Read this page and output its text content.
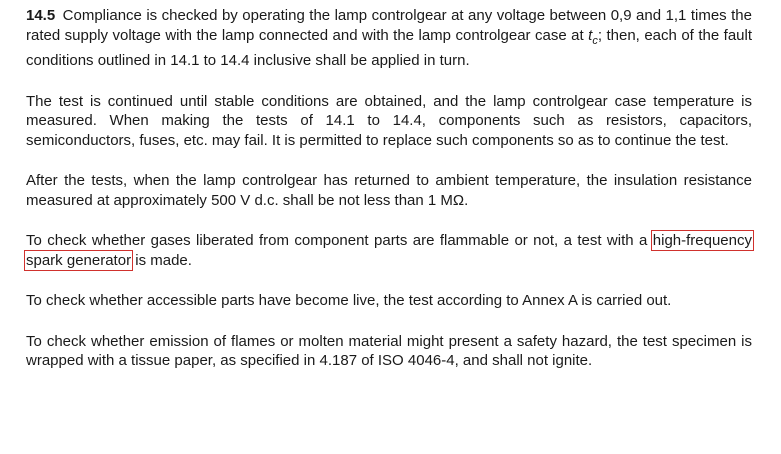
14.5 Compliance is checked by operating the lamp controlgear at any voltage between 0,9 and 1,1 times the rated supply voltage with the lamp connected and with the lamp controlgear case at $t_c$; then, each of the fault conditions outlined in 14.1 to 14.4 inclusive shall be applied in turn.

The test is continued until stable conditions are obtained, and the lamp controlgear case temperature is measured. When making the tests of 14.1 to 14.4, components such as resistors, capacitors, semiconductors, fuses, etc. may fail. It is permitted to replace such components so as to continue the test.

After the tests, when the lamp controlgear has returned to ambient temperature, the insulation resistance measured at approximately 500 V d.c. shall be not less than 1 MΩ.

To check whether gases liberated from component parts are flammable or not, a test with a high-frequency spark generator is made.

To check whether accessible parts have become live, the test according to Annex A is carried out.

To check whether emission of flames or molten material might present a safety hazard, the test specimen is wrapped with a tissue paper, as specified in 4.187 of ISO 4046-4, and shall not ignite.
